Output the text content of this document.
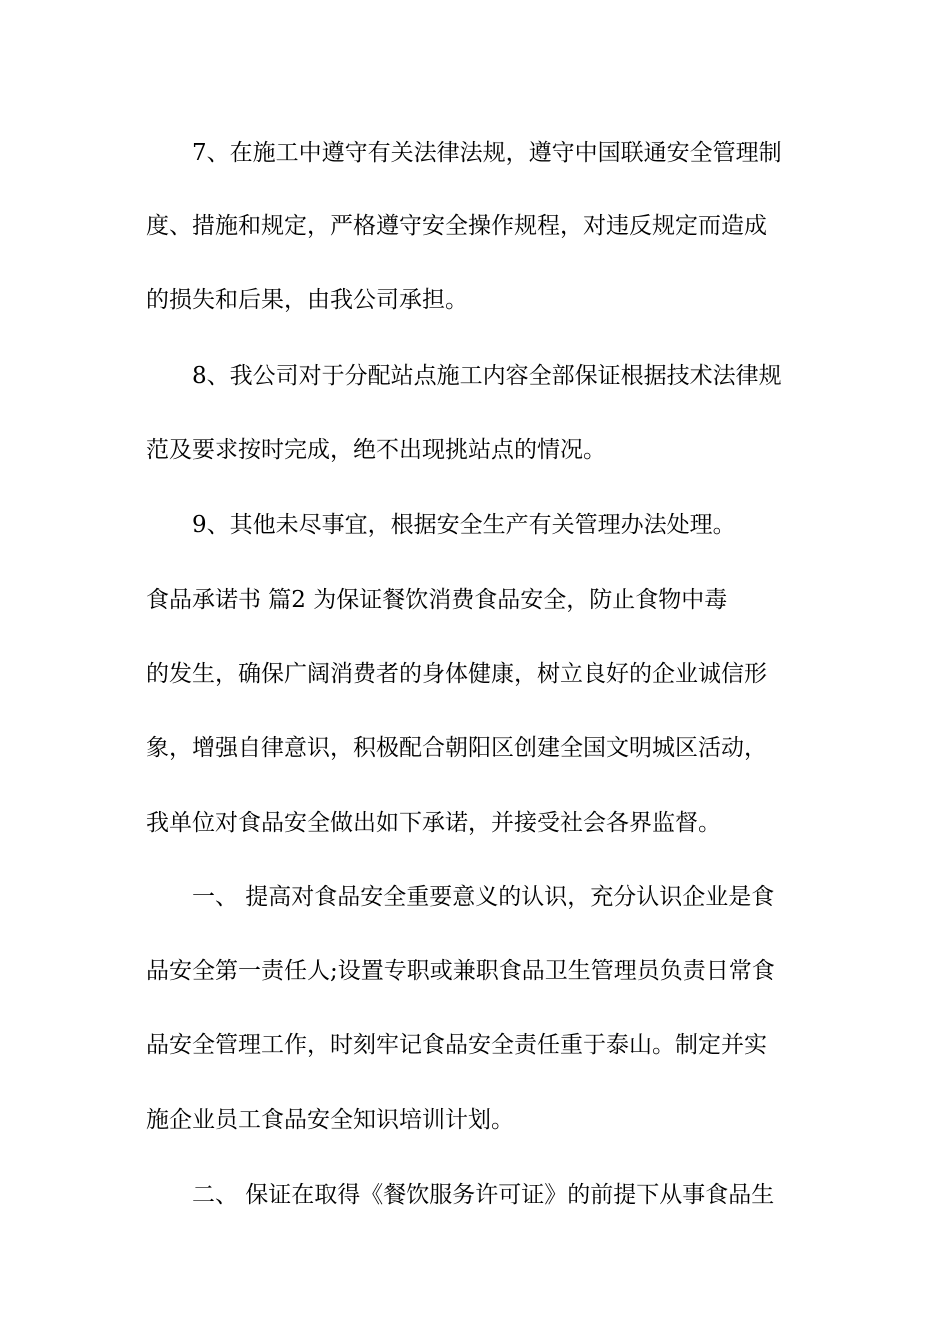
7、在施工中遵守有关法律法规，遵守中国联通安全管理制
度、措施和规定，严格遵守安全操作规程，对违反规定而造成
的损失和后果，由我公司承担。
8、我公司对于分配站点施工内容全部保证根据技术法律规
范及要求按时完成，绝不出现挑站点的情况。
9、其他未尽事宜，根据安全生产有关管理办法处理。
食品承诺书 篇2 为保证餐饮消费食品安全，防止食物中毒
的发生，确保广阔消费者的身体健康，树立良好的企业诚信形
象，增强自律意识，积极配合朝阳区创建全国文明城区活动，
我单位对食品安全做出如下承诺，并接受社会各界监督。
一、 提高对食品安全重要意义的认识，充分认识企业是食
品安全第一责任人;设置专职或兼职食品卫生管理员负责日常食
品安全管理工作，时刻牢记食品安全责任重于泰山。制定并实
施企业员工食品安全知识培训计划。
二、 保证在取得《餐饮服务许可证》的前提下从事食品生
